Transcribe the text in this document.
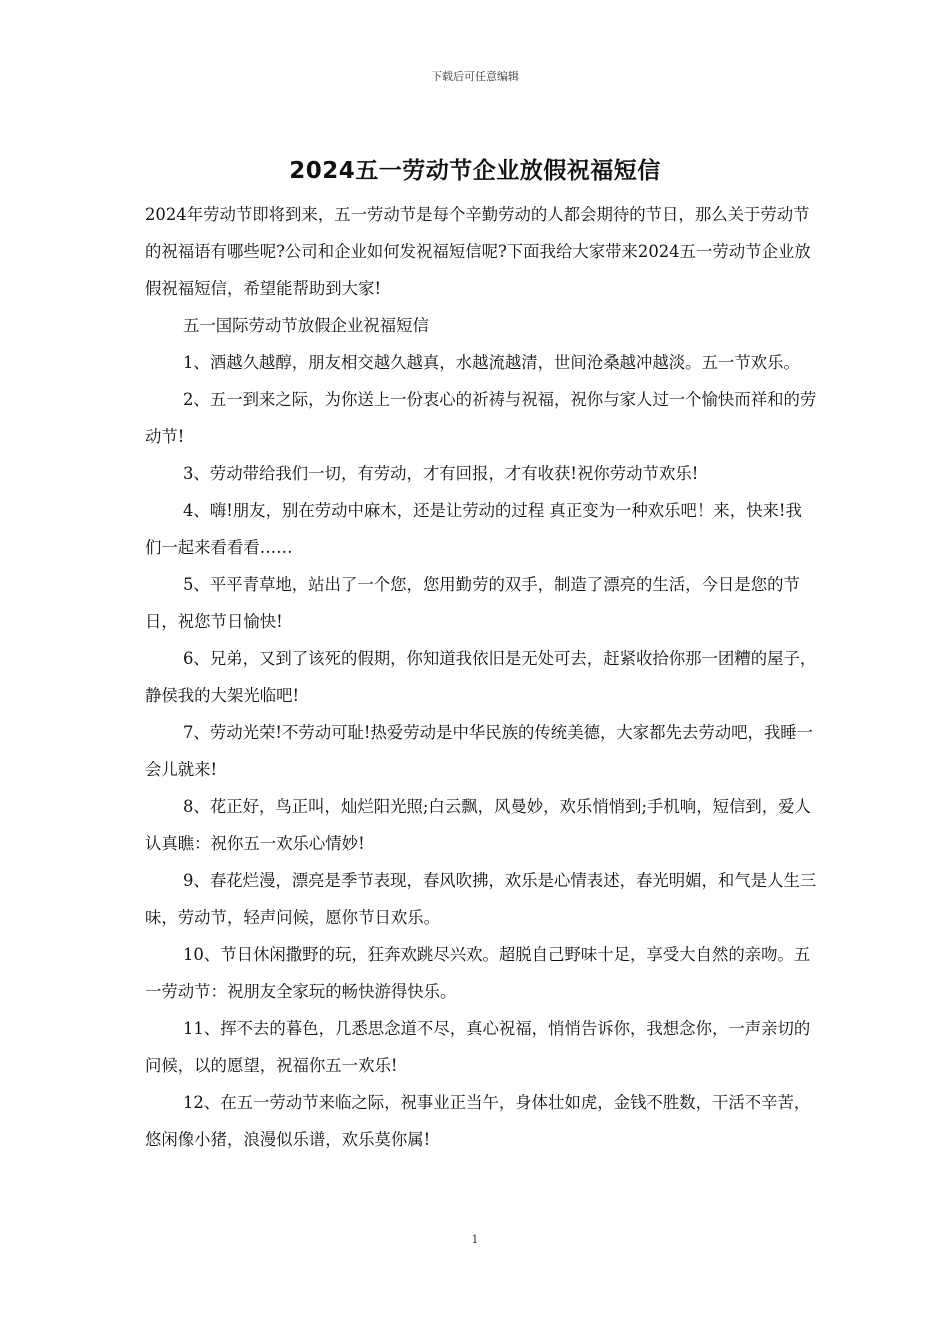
下载后可任意编辑
2024五一劳动节企业放假祝福短信

2024年劳动节即将到来，五一劳动节是每个辛勤劳动的人都会期待的节日，那么关于劳动节的祝福语有哪些呢?公司和企业如何发祝福短信呢?下面我给大家带来2024五一劳动节企业放假祝福短信，希望能帮助到大家!

五一国际劳动节放假企业祝福短信

1、酒越久越醇，朋友相交越久越真，水越流越清，世间沧桑越冲越淡。五一节欢乐。

2、五一到来之际，为你送上一份衷心的祈祷与祝福，祝你与家人过一个愉快而祥和的劳动节!

3、劳动带给我们一切，有劳动，才有回报，才有收获!祝你劳动节欢乐!

4、嗨!朋友，别在劳动中麻木，还是让劳动的过程 真正变为一种欢乐吧！来，快来!我们一起来看看看……

5、平平青草地，站出了一个您，您用勤劳的双手，制造了漂亮的生活，今日是您的节日，祝您节日愉快!

6、兄弟，又到了该死的假期，你知道我依旧是无处可去，赶紧收拾你那一团糟的屋子，静侯我的大架光临吧!

7、劳动光荣!不劳动可耻!热爱劳动是中华民族的传统美德，大家都先去劳动吧，我睡一会儿就来!

8、花正好，鸟正叫，灿烂阳光照;白云飘，风曼妙，欢乐悄悄到;手机响，短信到，爱人认真瞧：祝你五一欢乐心情妙!

9、春花烂漫，漂亮是季节表现，春风吹拂，欢乐是心情表述，春光明媚，和气是人生三味，劳动节，轻声问候，愿你节日欢乐。

10、节日休闲撒野的玩，狂奔欢跳尽兴欢。超脱自己野味十足，享受大自然的亲吻。五一劳动节：祝朋友全家玩的畅快游得快乐。

11、挥不去的暮色，几悉思念道不尽，真心祝福，悄悄告诉你，我想念你，一声亲切的问候，以的愿望，祝福你五一欢乐!

12、在五一劳动节来临之际，祝事业正当午，身体壮如虎，金钱不胜数，干活不辛苦，悠闲像小猪，浪漫似乐谱，欢乐莫你属!

1
